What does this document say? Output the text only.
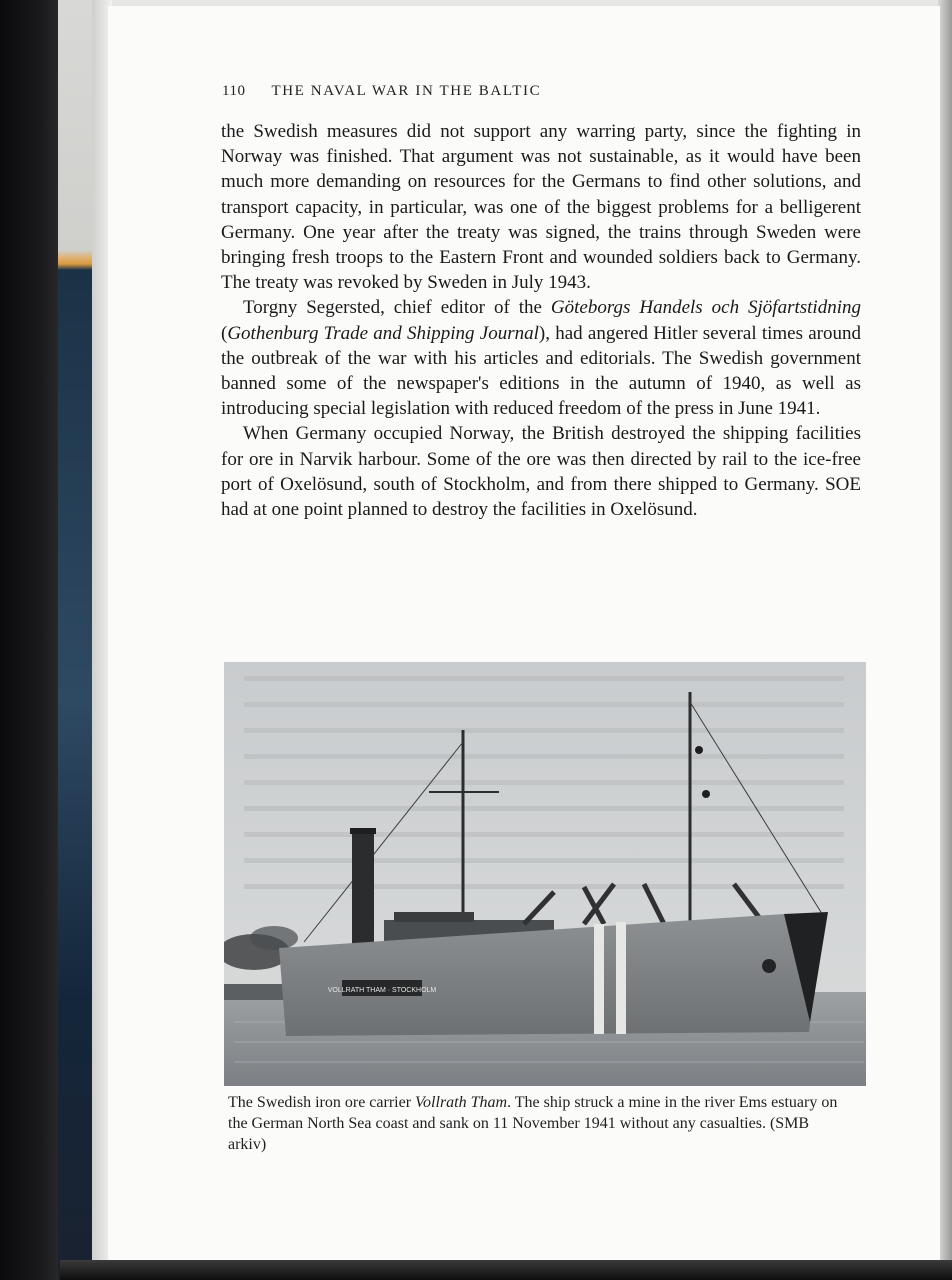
110 THE NAVAL WAR IN THE BALTIC

the Swedish measures did not support any warring party, since the fighting in Norway was finished. That argument was not sustainable, as it would have been much more demanding on resources for the Germans to find other solutions, and transport capacity, in particular, was one of the biggest problems for a belligerent Germany. One year after the treaty was signed, the trains through Sweden were bringing fresh troops to the Eastern Front and wounded soldiers back to Germany. The treaty was revoked by Sweden in July 1943.

Torgny Segersted, chief editor of the Göteborgs Handels och Sjöfartstidning (Gothenburg Trade and Shipping Journal), had angered Hitler several times around the outbreak of the war with his articles and editorials. The Swedish government banned some of the newspaper's editions in the autumn of 1940, as well as introducing special legislation with reduced freedom of the press in June 1941.

When Germany occupied Norway, the British destroyed the shipping facilities for ore in Narvik harbour. Some of the ore was then directed by rail to the ice-free port of Oxelösund, south of Stockholm, and from there shipped to Germany. SOE had at one point planned to destroy the facilities in Oxelösund.

VOLLRATH THAM · STOCKHOLM
The Swedish iron ore carrier Vollrath Tham. The ship struck a mine in the river Ems estuary on the German North Sea coast and sank on 11 November 1941 without any casualties. (SMB arkiv)
